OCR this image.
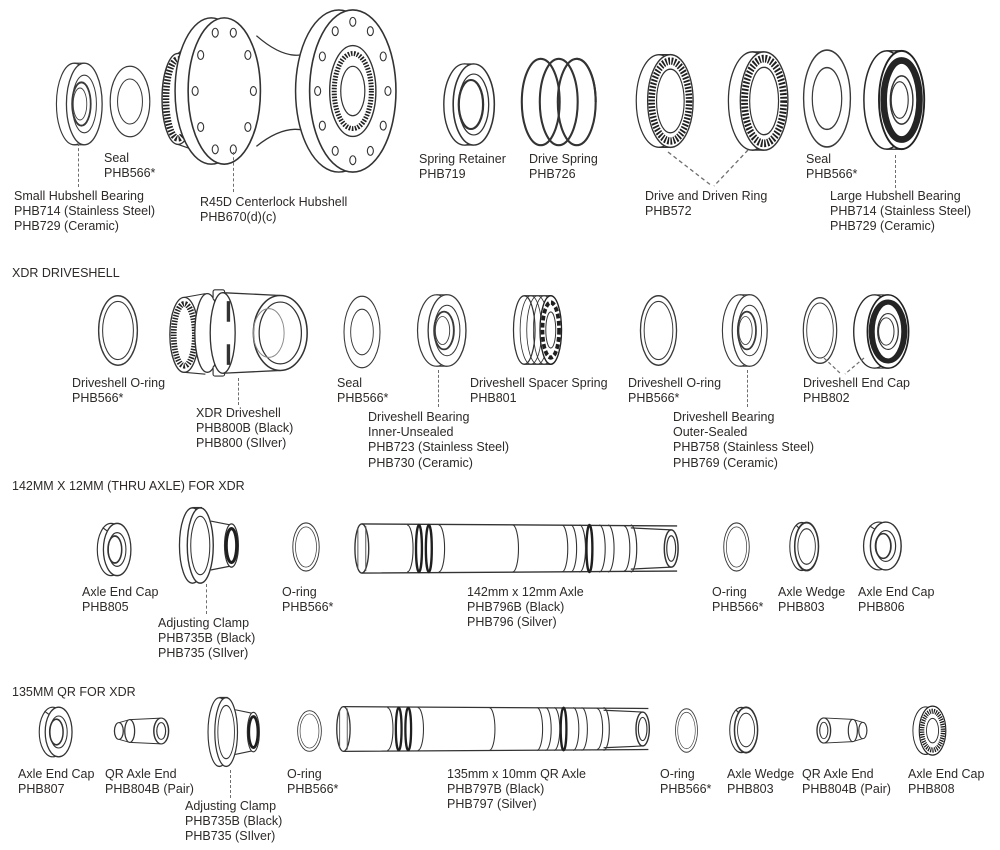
Seal
PHB566*
Small Hubshell Bearing
PHB714 (Stainless Steel)
PHB729 (Ceramic)
R45D Centerlock Hubshell
PHB670(d)(c)
Spring Retainer
PHB719
Drive Spring
PHB726
Drive and Driven Ring
PHB572
Seal
PHB566*
Large Hubshell Bearing
PHB714 (Stainless Steel)
PHB729 (Ceramic)
XDR DRIVESHELL
Driveshell O-ring
PHB566*
XDR Driveshell
PHB800B (Black)
PHB800 (SIlver)
Seal
PHB566*
Driveshell Bearing
Inner-Unsealed
PHB723 (Stainless Steel)
PHB730 (Ceramic)
Driveshell Spacer Spring
PHB801
Driveshell O-ring
PHB566*
Driveshell Bearing
Outer-Sealed
PHB758 (Stainless Steel)
PHB769 (Ceramic)
Driveshell End Cap
PHB802
142MM X 12MM (THRU AXLE) FOR XDR
Axle End Cap
PHB805
Adjusting Clamp
PHB735B (Black)
PHB735 (SIlver)
O-ring
PHB566*
142mm x 12mm Axle
PHB796B (Black)
PHB796 (Silver)
O-ring
PHB566*
Axle Wedge
PHB803
Axle End Cap
PHB806
135MM QR FOR XDR
Axle End Cap
PHB807
QR Axle End
PHB804B (Pair)
Adjusting Clamp
PHB735B (Black)
PHB735 (SIlver)
O-ring
PHB566*
135mm x 10mm QR Axle
PHB797B (Black)
PHB797 (Silver)
O-ring
PHB566*
Axle Wedge
PHB803
QR Axle End
PHB804B (Pair)
Axle End Cap
PHB808
